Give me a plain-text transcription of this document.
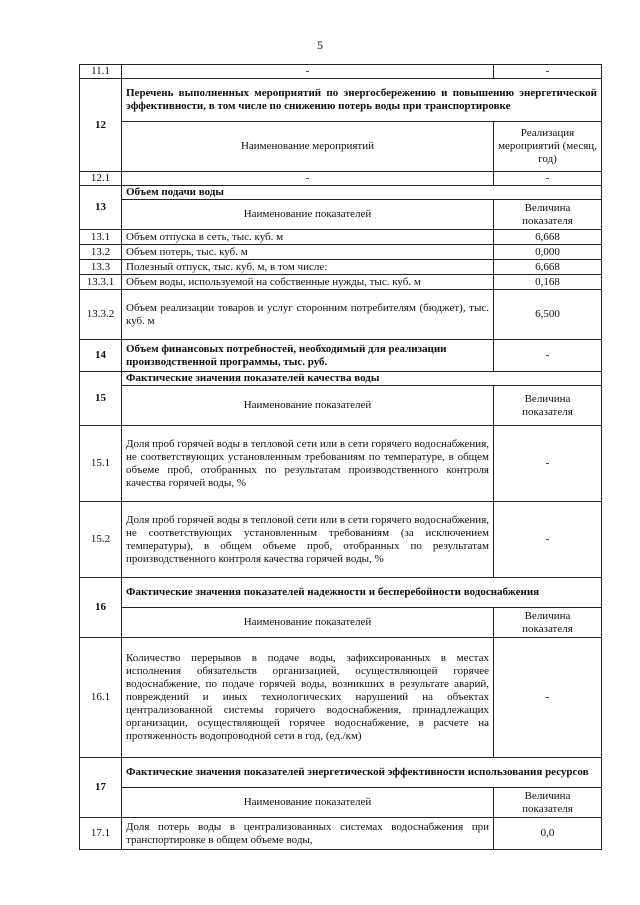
5
11.1	-	-
12	Перечень выполненных мероприятий по энергосбережению и повышению энергетической эффективности, в том числе по снижению потерь воды при транспортировке	
	Наименование мероприятий	Реализация мероприятий (месяц, год)
12.1	-	-
13	Объем подачи воды	
	Наименование показателей	Величина показателя
13.1	Объем отпуска в сеть, тыс. куб. м	6,668
13.2	Объем потерь, тыс. куб. м	0,000
13.3	Полезный отпуск, тыс. куб. м, в том числе:	6,668
13.3.1	Объем воды, используемой на собственные нужды, тыс. куб. м	0,168
13.3.2	Объем реализации товаров и услуг сторонним потребителям (бюджет), тыс. куб. м	6,500
14	Объем финансовых потребностей, необходимый для реализации производственной программы, тыс. руб.	-
15	Фактические значения показателей качества воды	
	Наименование показателей	Величина показателя
15.1	Доля проб горячей воды в тепловой сети или в сети горячего водоснабжения, не соответствующих установленным требованиям по температуре, в общем объеме проб, отобранных по результатам производственного контроля качества горячей воды, %	-
15.2	Доля проб горячей воды в тепловой сети или в сети горячего водоснабжения, не соответствующих установленным требованиям (за исключением температуры), в общем объеме проб, отобранных по результатам производственного контроля качества горячей воды, %	-
16	Фактические значения показателей надежности и бесперебойности водоснабжения	
	Наименование показателей	Величина показателя
16.1	Количество перерывов в подаче воды, зафиксированных в местах исполнения обязательств организацией, осуществляющей горячее водоснабжение, по подаче горячей воды, возникших в результате аварий, повреждений и иных технологических нарушений на объектах централизованной системы горячего водоснабжения, принадлежащих организации, осуществляющей горячее водоснабжение, в расчете на протяженность водопроводной сети в год, (ед./км)	-
17	Фактические значения показателей энергетической эффективности использования ресурсов	
	Наименование показателей	Величина показателя
17.1	Доля потерь воды в централизованных системах водоснабжения при транспортировке в общем объеме воды,	0,0
